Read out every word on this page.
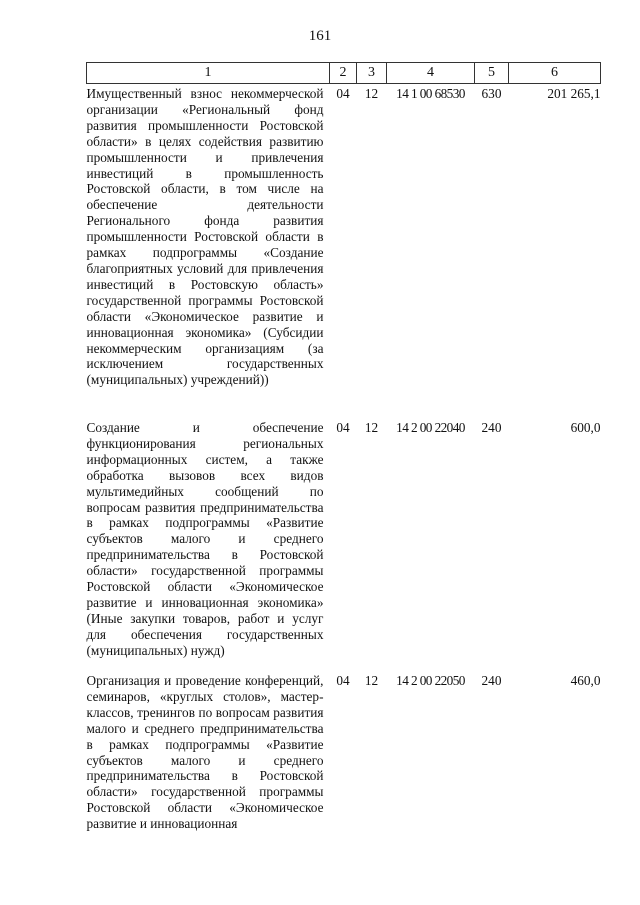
161
1	2	3	4	5	6
Имущественный взнос некоммерческой организации «Региональный фонд развития промышленности Ростовской области» в целях содействия развитию промышленности и привлечения инвестиций в промышленность Ростовской области, в том числе на обеспечение деятельности Регионального фонда развития промышленности Ростовской области в рамках подпрограммы «Создание благоприятных условий для привлечения инвестиций в Ростовскую область» государственной программы Ростовской области «Экономическое развитие и инновационная экономика» (Субсидии некоммерческим организациям (за исключением государственных (муниципальных) учреждений))	04	12	14 1 00 68530	630	201 265,1
Создание и обеспечение функционирования региональных информационных систем, а также обработка вызовов всех видов мультимедийных сообщений по вопросам развития предпринимательства в рамках подпрограммы «Развитие субъектов малого и среднего предпринимательства в Ростовской области» государственной программы Ростовской области «Экономическое развитие и инновационная экономика» (Иные закупки товаров, работ и услуг для обеспечения государственных (муниципальных) нужд)	04	12	14 2 00 22040	240	600,0
Организация и проведение конференций, семинаров, «круглых столов», мастер-классов, тренингов по вопросам развития малого и среднего предпринимательства в рамках подпрограммы «Развитие субъектов малого и среднего предпринимательства в Ростовской области» государственной программы Ростовской области «Экономическое развитие и инновационная	04	12	14 2 00 22050	240	460,0
